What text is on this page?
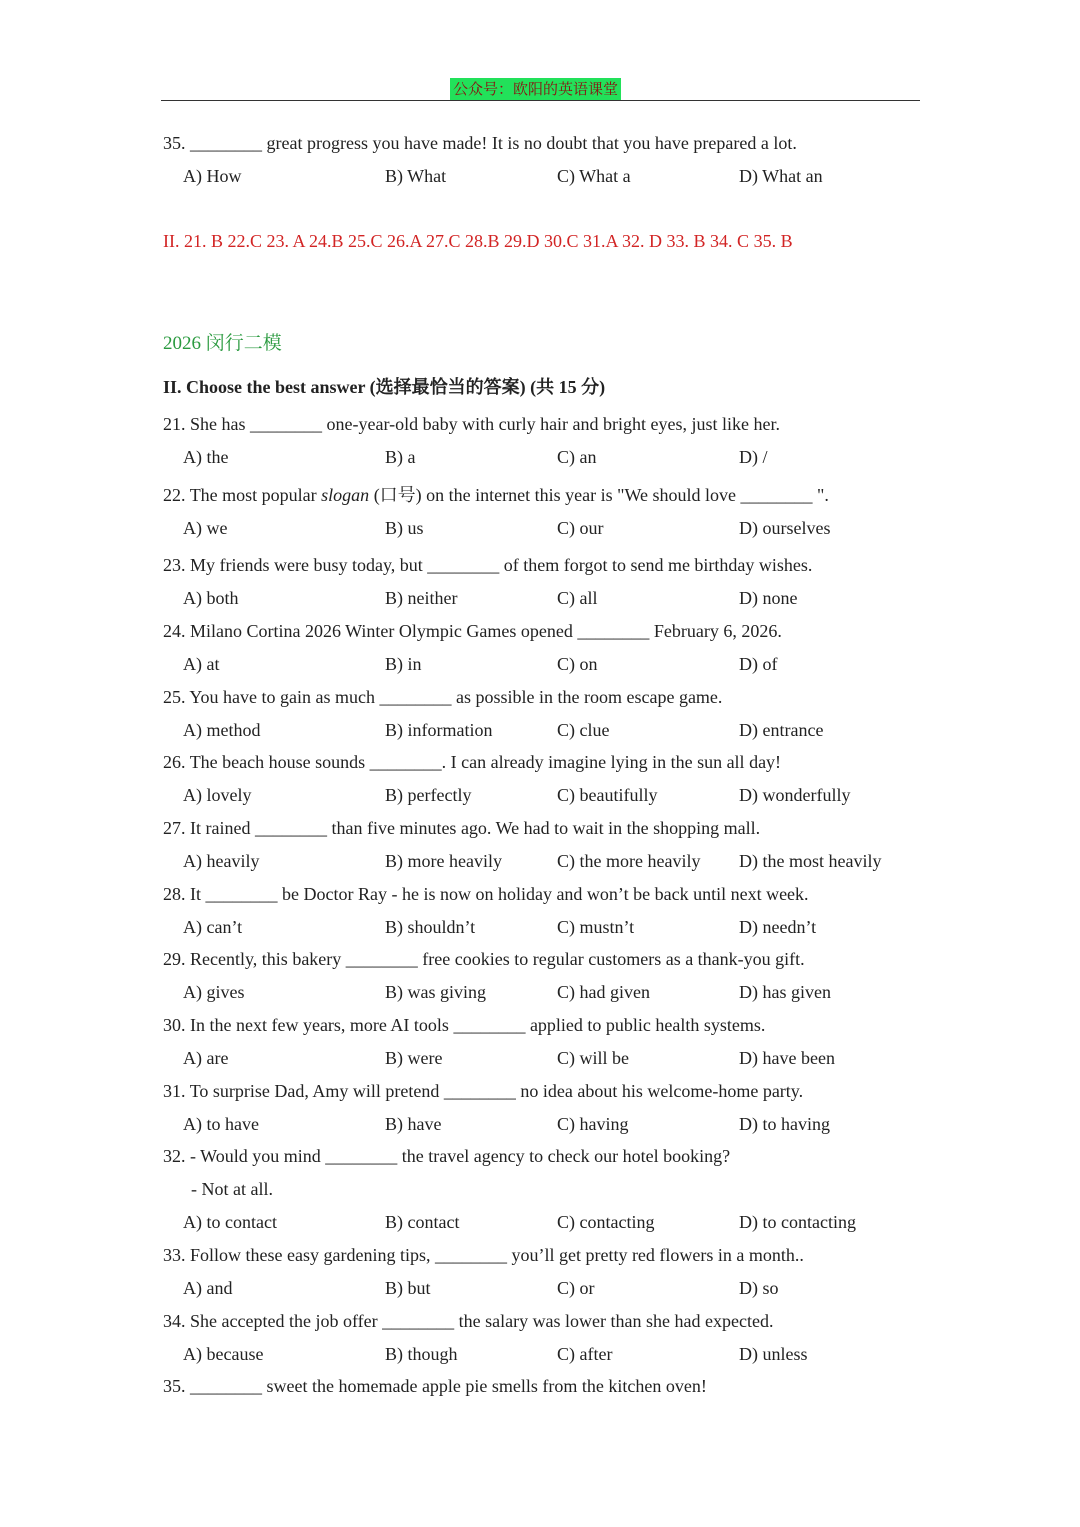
公众号：欧阳的英语课堂
35. ________ great progress you have made! It is no doubt that you have prepared a lot.
A) How	B) What	C) What a	D) What an
II. 21. B 22.C 23. A 24.B 25.C 26.A 27.C 28.B 29.D 30.C 31.A 32. D 33. B 34. C 35. B
2026 闵行二模
II. Choose the best answer (选择最恰当的答案) (共 15 分)
21. She has ________ one-year-old baby with curly hair and bright eyes, just like her.
A) the	B) a	C) an	D) /
22. The most popular slogan (口号) on the internet this year is "We should love ________ ".
A) we	B) us	C) our	D) ourselves
23. My friends were busy today, but ________ of them forgot to send me birthday wishes.
A) both	B) neither	C) all	D) none
24. Milano Cortina 2026 Winter Olympic Games opened ________ February 6, 2026.
A) at	B) in	C) on	D) of
25. You have to gain as much ________ as possible in the room escape game.
A) method	B) information	C) clue	D) entrance
26. The beach house sounds ________. I can already imagine lying in the sun all day!
A) lovely	B) perfectly	C) beautifully	D) wonderfully
27. It rained ________ than five minutes ago. We had to wait in the shopping mall.
A) heavily	B) more heavily	C) the more heavily D) the most heavily
28. It ________ be Doctor Ray - he is now on holiday and won’t be back until next week.
A) can’t	B) shouldn’t	C) mustn’t	D) needn’t
29. Recently, this bakery ________ free cookies to regular customers as a thank-you gift.
A) gives	B) was giving	C) had given	D) has given
30. In the next few years, more AI tools ________ applied to public health systems.
A) are	B) were	C) will be	D) have been
31. To surprise Dad, Amy will pretend ________ no idea about his welcome-home party.
A) to have	B) have	C) having	D) to having
32. - Would you mind ________ the travel agency to check our hotel booking?
- Not at all.
A) to contact	B) contact	C) contacting	D) to contacting
33. Follow these easy gardening tips, ________ you’ll get pretty red flowers in a month..
A) and	B) but	C) or	D) so
34. She accepted the job offer ________ the salary was lower than she had expected.
A) because	B) though	C) after	D) unless
35. ________ sweet the homemade apple pie smells from the kitchen oven!
